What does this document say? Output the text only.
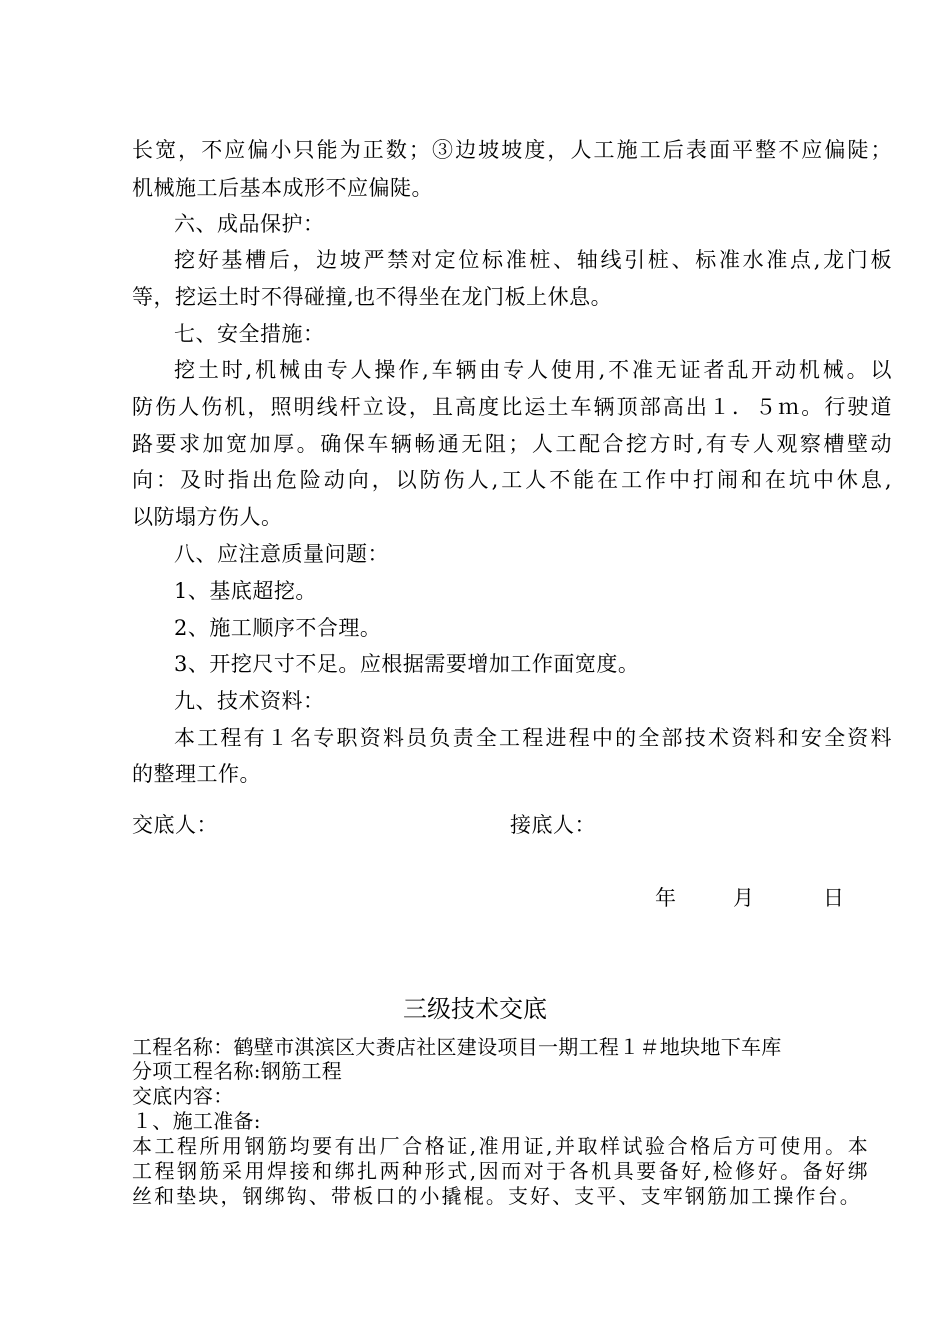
长宽，不应偏小只能为正数；③边坡坡度，人工施工后表面平整不应偏陡；
机械施工后基本成形不应偏陡。
六、成品保护：
挖好基槽后，边坡严禁对定位标准桩、轴线引桩、标准水准点,龙门板
等，挖运土时不得碰撞,也不得坐在龙门板上休息。
七、安全措施：
挖土时,机械由专人操作,车辆由专人使用,不准无证者乱开动机械。以
防伤人伤机，照明线杆立设，且高度比运土车辆顶部高出１．５ｍ。行驶道
路要求加宽加厚。确保车辆畅通无阻；人工配合挖方时,有专人观察槽壁动
向：及时指出危险动向，以防伤人,工人不能在工作中打闹和在坑中休息,
以防塌方伤人。
八、应注意质量问题：
1、基底超挖。
2、施工顺序不合理。
3、开挖尺寸不足。应根据需要增加工作面宽度。
九、技术资料：
本工程有１名专职资料员负责全工程进程中的全部技术资料和安全资料
的整理工作。
交底人：	接底人：
年	月	日
三级技术交底
工程名称：鹤壁市淇滨区大赉店社区建设项目一期工程１＃地块地下车库
分项工程名称:钢筋工程
交底内容：
１、施工准备:
本工程所用钢筋均要有出厂合格证,准用证,并取样试验合格后方可使用。本
工程钢筋采用焊接和绑扎两种形式,因而对于各机具要备好,检修好。备好绑
丝和垫块，钢绑钩、带板口的小撬棍。支好、支平、支牢钢筋加工操作台。
